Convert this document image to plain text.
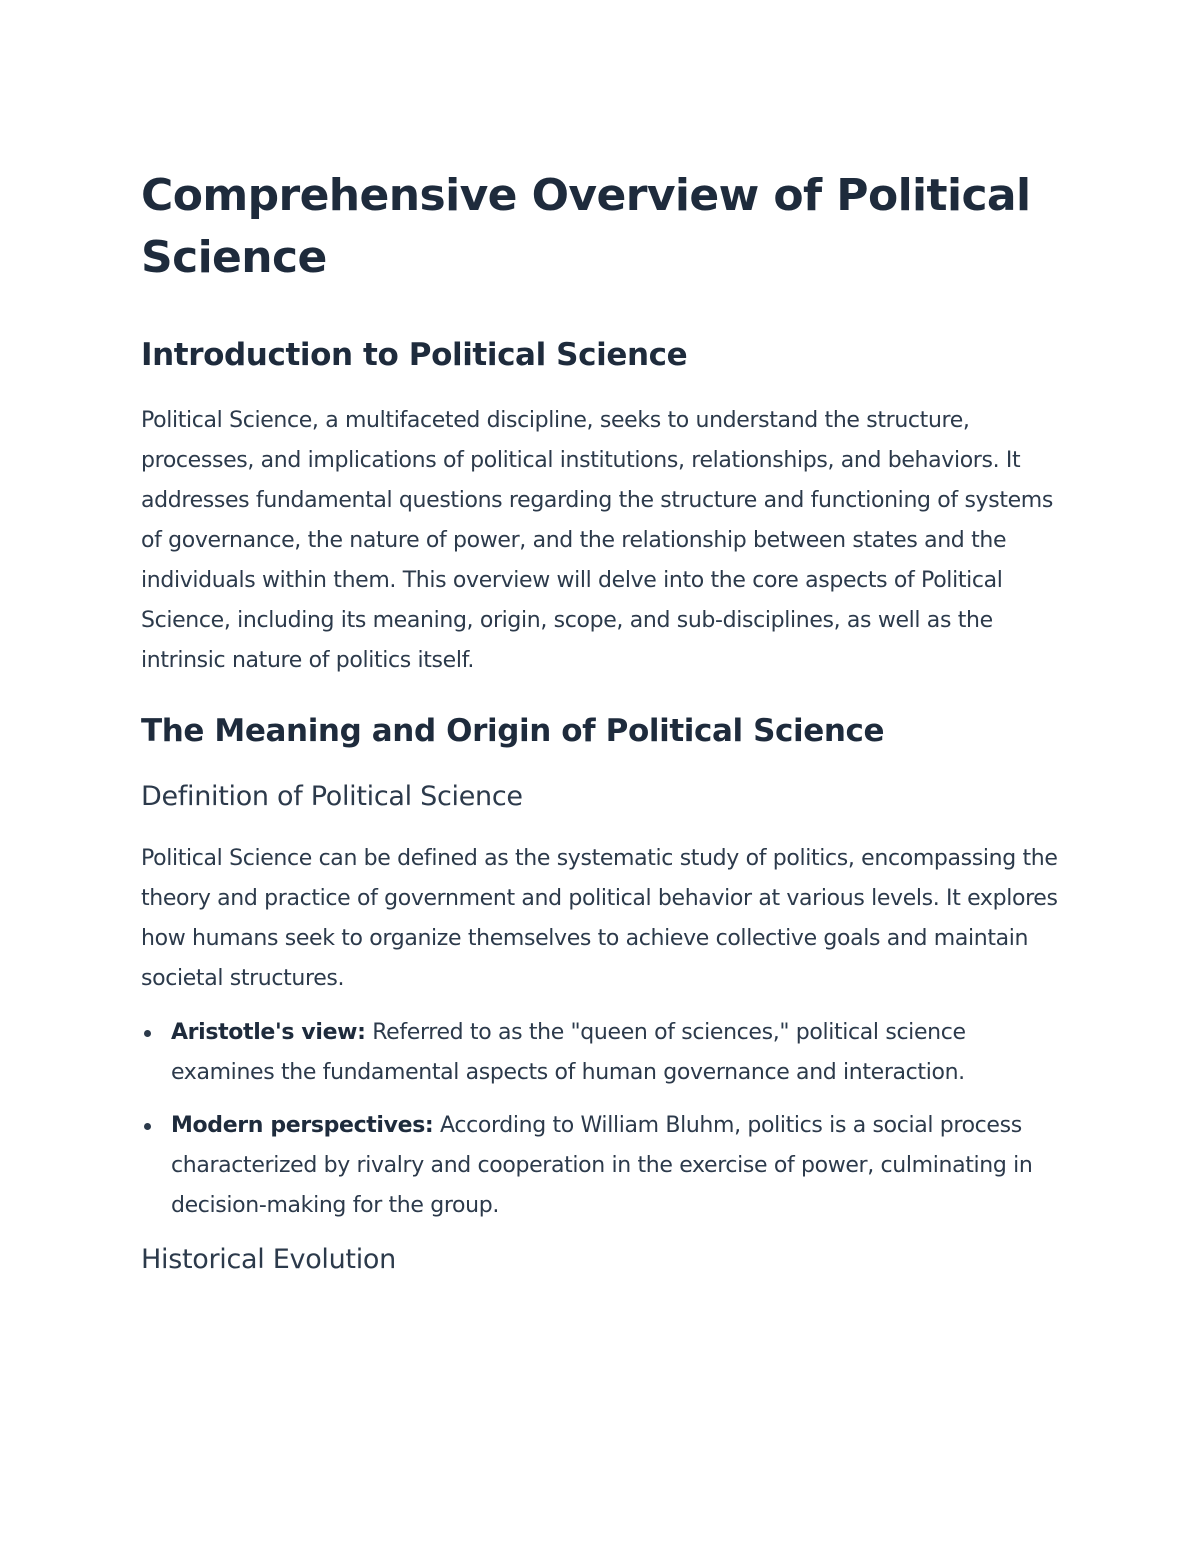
Comprehensive Overview of Political Science
Introduction to Political Science

Political Science, a multifaceted discipline, seeks to understand the structure, processes, and implications of political institutions, relationships, and behaviors. It addresses fundamental questions regarding the structure and functioning of systems of governance, the nature of power, and the relationship between states and the individuals within them. This overview will delve into the core aspects of Political Science, including its meaning, origin, scope, and sub-disciplines, as well as the intrinsic nature of politics itself.

The Meaning and Origin of Political Science
Definition of Political Science

Political Science can be defined as the systematic study of politics, encompassing the theory and practice of government and political behavior at various levels. It explores how humans seek to organize themselves to achieve collective goals and maintain societal structures.

Aristotle's view: Referred to as the "queen of sciences," political science examines the fundamental aspects of human governance and interaction.
Modern perspectives: According to William Bluhm, politics is a social process characterized by rivalry and cooperation in the exercise of power, culminating in decision-making for the group.
Historical Evolution
